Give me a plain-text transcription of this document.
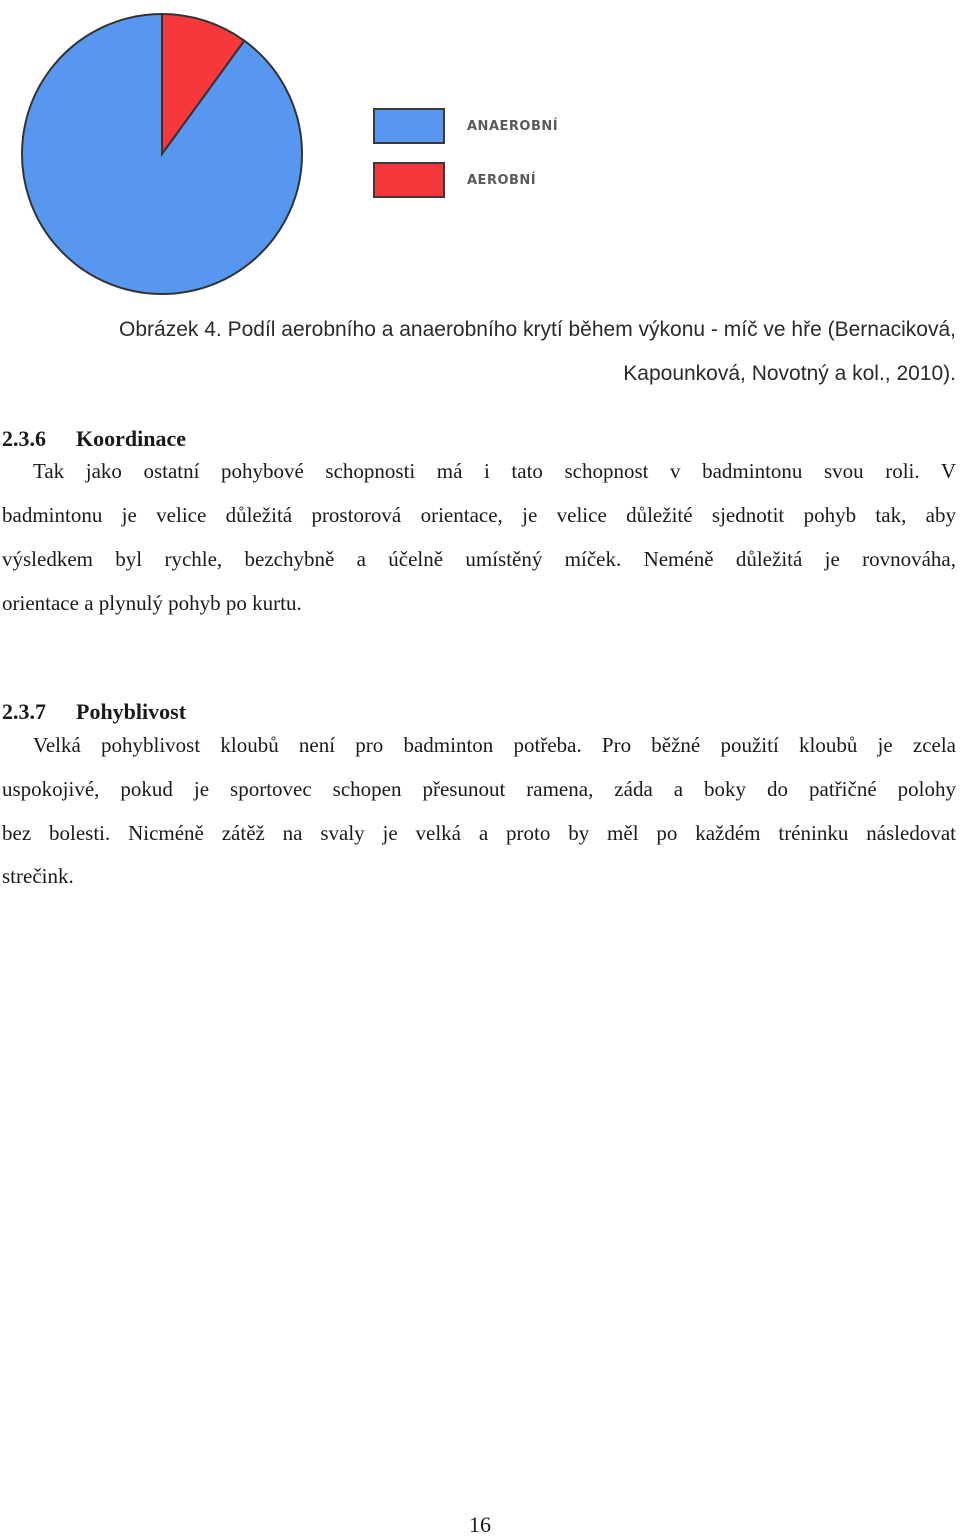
ANAEROBNÍ
AEROBNÍ
Obrázek 4. Podíl aerobního a anaerobního krytí během výkonu - míč ve hře (Bernaciková,
Kapounková, Novotný a kol., 2010).
2.3.6 Koordinace
Tak jako ostatní pohybové schopnosti má i tato schopnost v badmintonu svou roli. V
badmintonu je velice důležitá prostorová orientace, je velice důležité sjednotit pohyb tak, aby
výsledkem byl rychle, bezchybně a účelně umístěný míček. Neméně důležitá je rovnováha,
orientace a plynulý pohyb po kurtu.
2.3.7 Pohyblivost
Velká pohyblivost kloubů není pro badminton potřeba. Pro běžné použití kloubů je zcela
uspokojivé, pokud je sportovec schopen přesunout ramena, záda a boky do patřičné polohy
bez bolesti. Nicméně zátěž na svaly je velká a proto by měl po každém tréninku následovat
strečink.
16
